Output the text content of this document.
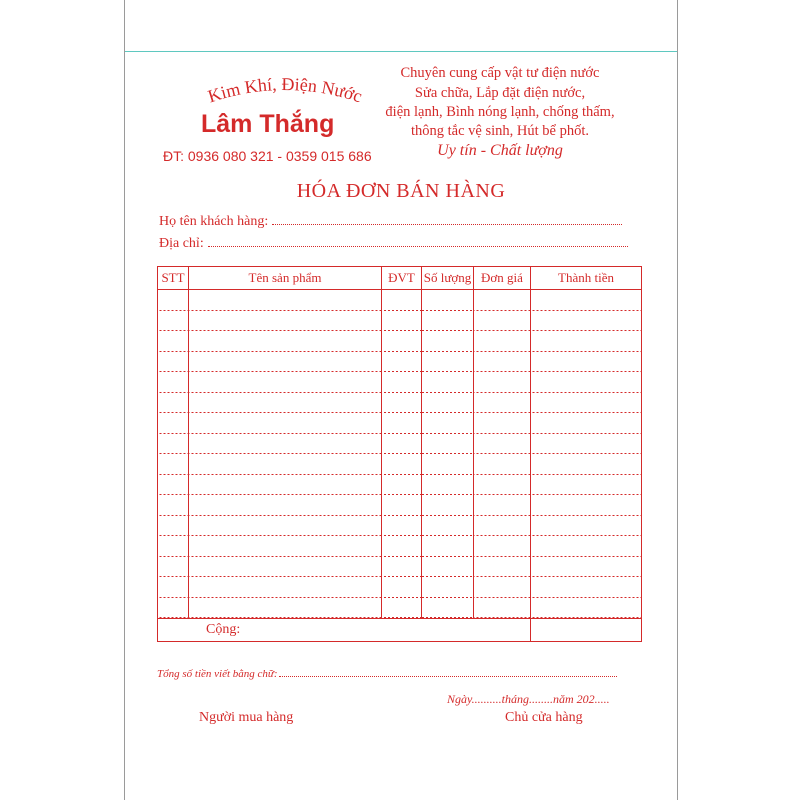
Kim Khí, Điện Nước
Lâm Thắng
ĐT: 0936 080 321 - 0359 015 686
Chuyên cung cấp vật tư điện nước
Sửa chữa, Lắp đặt điện nước,
điện lạnh, Bình nóng lạnh, chống thấm,
thông tắc vệ sinh, Hút bể phốt.
Uy tín - Chất lượng
HÓA ĐƠN BÁN HÀNG
Họ tên khách hàng:
Địa chỉ:
STT	Tên sản phẩm	ĐVT	Số lượng	Đơn giá	Thành tiền

Cộng:					
Tổng số tiền viết bằng chữ:
Ngày..........tháng........năm 202.....
Người mua hàng	Chủ cửa hàng
